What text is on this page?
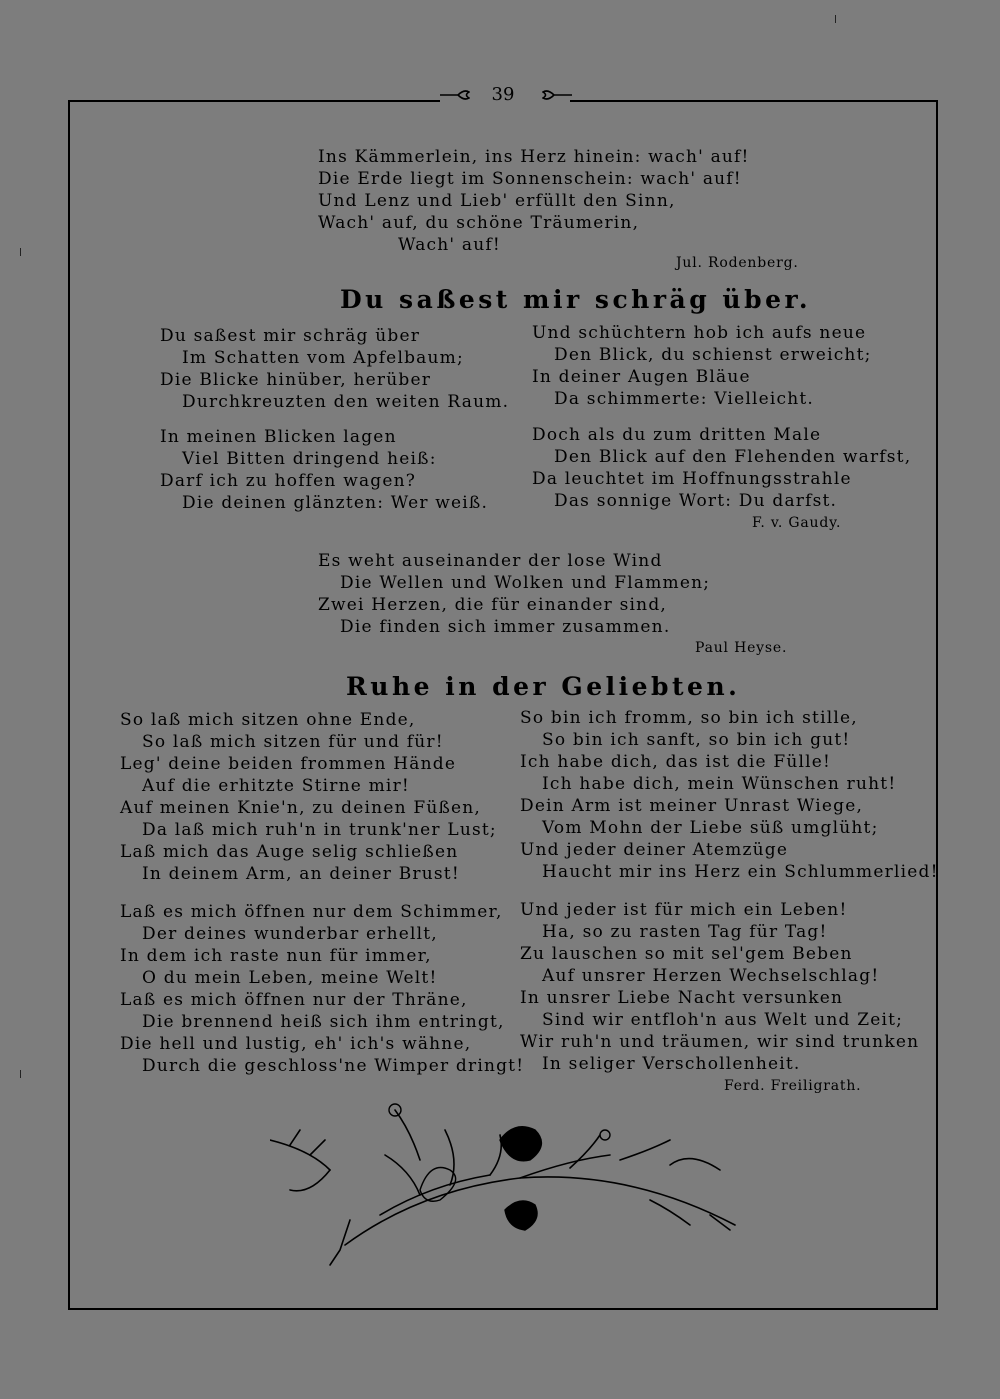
39
Ins Kämmerlein, ins Herz hinein: wach' auf!
Die Erde liegt im Sonnenschein: wach' auf!
Und Lenz und Lieb' erfüllt den Sinn,
Wach' auf, du schöne Träumerin,
Wach' auf!
Jul. Rodenberg.
Du saßest mir schräg über.
Du saßest mir schräg über
Im Schatten vom Apfelbaum;
Die Blicke hinüber, herüber
Durchkreuzten den weiten Raum.
In meinen Blicken lagen
Viel Bitten dringend heiß:
Darf ich zu hoffen wagen?
Die deinen glänzten: Wer weiß.
Und schüchtern hob ich aufs neue
Den Blick, du schienst erweicht;
In deiner Augen Bläue
Da schimmerte: Vielleicht.
Doch als du zum dritten Male
Den Blick auf den Flehenden warfst,
Da leuchtet im Hoffnungsstrahle
Das sonnige Wort: Du darfst.
F. v. Gaudy.
Es weht auseinander der lose Wind
Die Wellen und Wolken und Flammen;
Zwei Herzen, die für einander sind,
Die finden sich immer zusammen.
Paul Heyse.
Ruhe in der Geliebten.
So laß mich sitzen ohne Ende,
So laß mich sitzen für und für!
Leg' deine beiden frommen Hände
Auf die erhitzte Stirne mir!
Auf meinen Knie'n, zu deinen Füßen,
Da laß mich ruh'n in trunk'ner Lust;
Laß mich das Auge selig schließen
In deinem Arm, an deiner Brust!
Laß es mich öffnen nur dem Schimmer,
Der deines wunderbar erhellt,
In dem ich raste nun für immer,
O du mein Leben, meine Welt!
Laß es mich öffnen nur der Thräne,
Die brennend heiß sich ihm entringt,
Die hell und lustig, eh' ich's wähne,
Durch die geschloss'ne Wimper dringt!
So bin ich fromm, so bin ich stille,
So bin ich sanft, so bin ich gut!
Ich habe dich, das ist die Fülle!
Ich habe dich, mein Wünschen ruht!
Dein Arm ist meiner Unrast Wiege,
Vom Mohn der Liebe süß umglüht;
Und jeder deiner Atemzüge
Haucht mir ins Herz ein Schlummerlied!
Und jeder ist für mich ein Leben!
Ha, so zu rasten Tag für Tag!
Zu lauschen so mit sel'gem Beben
Auf unsrer Herzen Wechselschlag!
In unsrer Liebe Nacht versunken
Sind wir entfloh'n aus Welt und Zeit;
Wir ruh'n und träumen, wir sind trunken
In seliger Verschollenheit.
Ferd. Freiligrath.
